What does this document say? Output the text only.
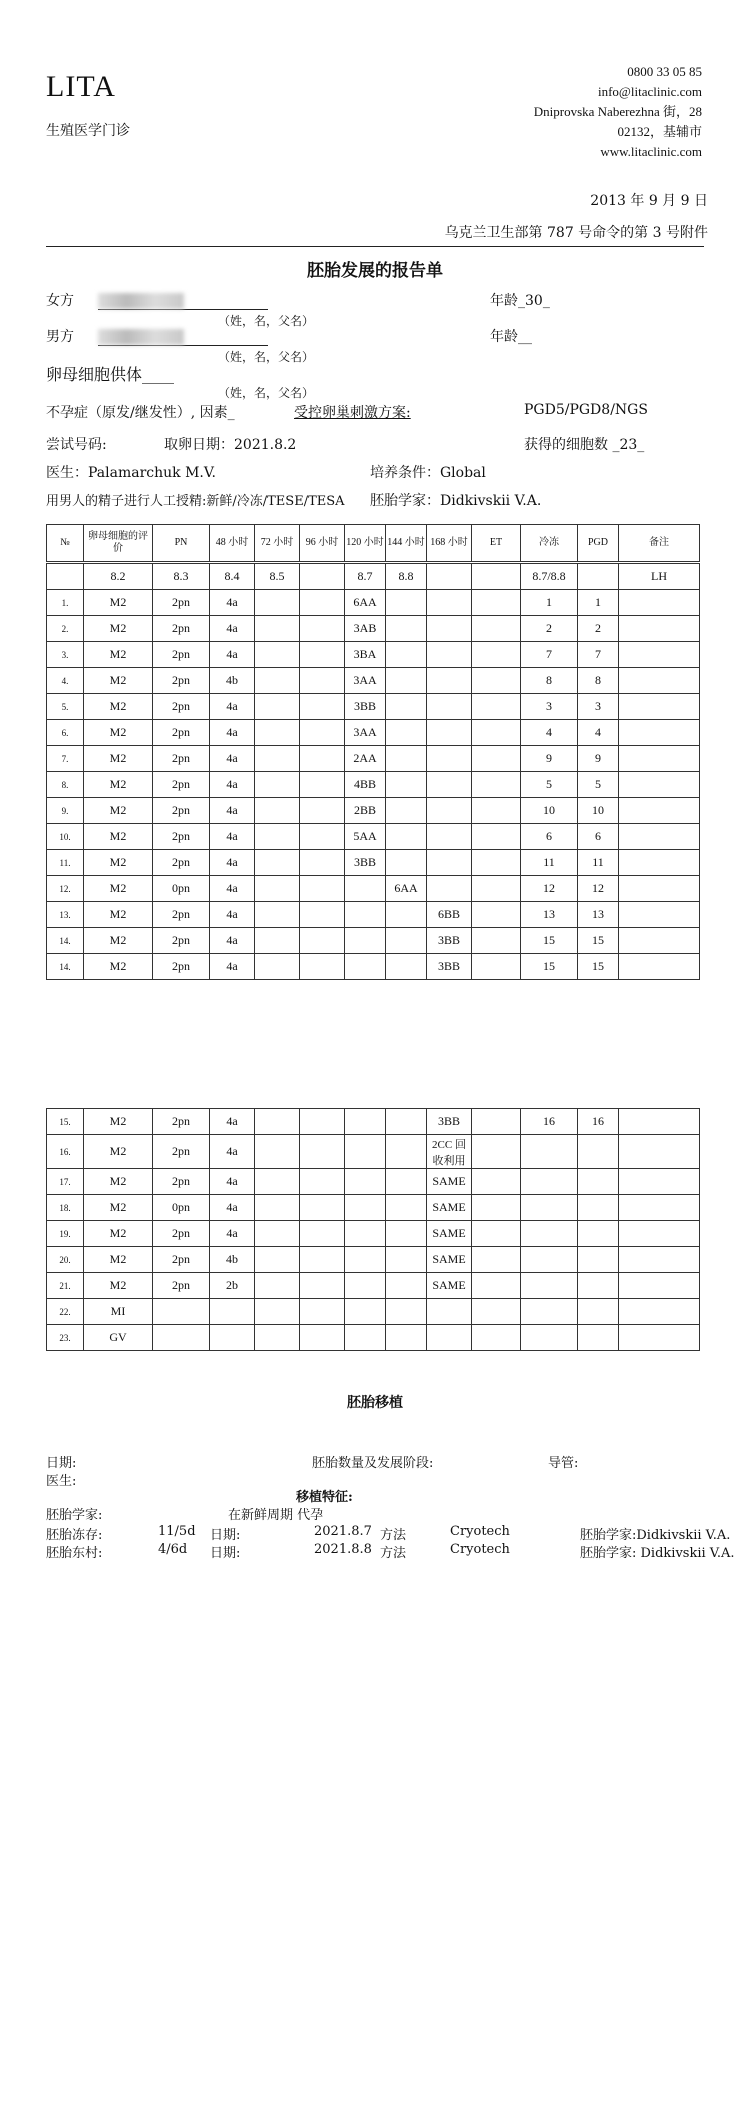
LITA
生殖医学门诊
0800 33 05 85
info@litaclinic.com
Dniprovska Naberezhna 街，28
02132，基辅市
www.litaclinic.com
2013 年 9 月 9 日
乌克兰卫生部第 787 号命令的第 3 号附件
胚胎发展的报告单
女方
（姓，名，父名）
年龄_30_
男方
（姓，名，父名）
年龄__
卵母细胞供体____
（姓，名，父名）
不孕症（原发/继发性）, 因素_	受控卵巢刺激方案:	PGD5/PGD8/NGS
尝试号码:	取卵日期：2021.8.2	获得的细胞数 _23_
医生：Palamarchuk M.V.	培养条件：Global
用男人的精子进行人工授精:新鲜/冷冻/TESE/TESA 胚胎学家：Didkivskii V.A.
№	卵母细胞的评价	PN	48 小时	72 小时	96 小时	120 小时	144 小时	168 小时	ET	冷冻	PGD	备注
	8.2	8.3	8.4	8.5		8.7	8.8			8.7/8.8		LH
1.	M2	2pn	4a			6AA				1	1	
2.	M2	2pn	4a			3AB				2	2	
3.	M2	2pn	4a			3BA				7	7	
4.	M2	2pn	4b			3AA				8	8	
5.	M2	2pn	4a			3BB				3	3	
6.	M2	2pn	4a			3AA				4	4	
7.	M2	2pn	4a			2AA				9	9	
8.	M2	2pn	4a			4BB				5	5	
9.	M2	2pn	4a			2BB				10	10	
10.	M2	2pn	4a			5AA				6	6	
11.	M2	2pn	4a			3BB				11	11	
12.	M2	0pn	4a				6AA			12	12	
13.	M2	2pn	4a					6BB		13	13	
14.	M2	2pn	4a					3BB		15	15	
14.	M2	2pn	4a					3BB		15	15	
15.	M2	2pn	4a					3BB		16	16	
16.	M2	2pn	4a					2CC 回收利用				
17.	M2	2pn	4a					SAME				
18.	M2	0pn	4a					SAME				
19.	M2	2pn	4a					SAME				
20.	M2	2pn	4b					SAME				
21.	M2	2pn	2b					SAME				
22.	MI											
23.	GV											
胚胎移植
日期:	胚胎数量及发展阶段:	导管:
医生:
移植特征:
胚胎学家:	在新鲜周期 代孕
胚胎冻存:	11/5d 日期:	2021.8.7 方法	Cryotech	胚胎学家:Didkivskii V.A.
胚胎东村:	4/6d 日期:	2021.8.8 方法	Cryotech	胚胎学家: Didkivskii V.A.
